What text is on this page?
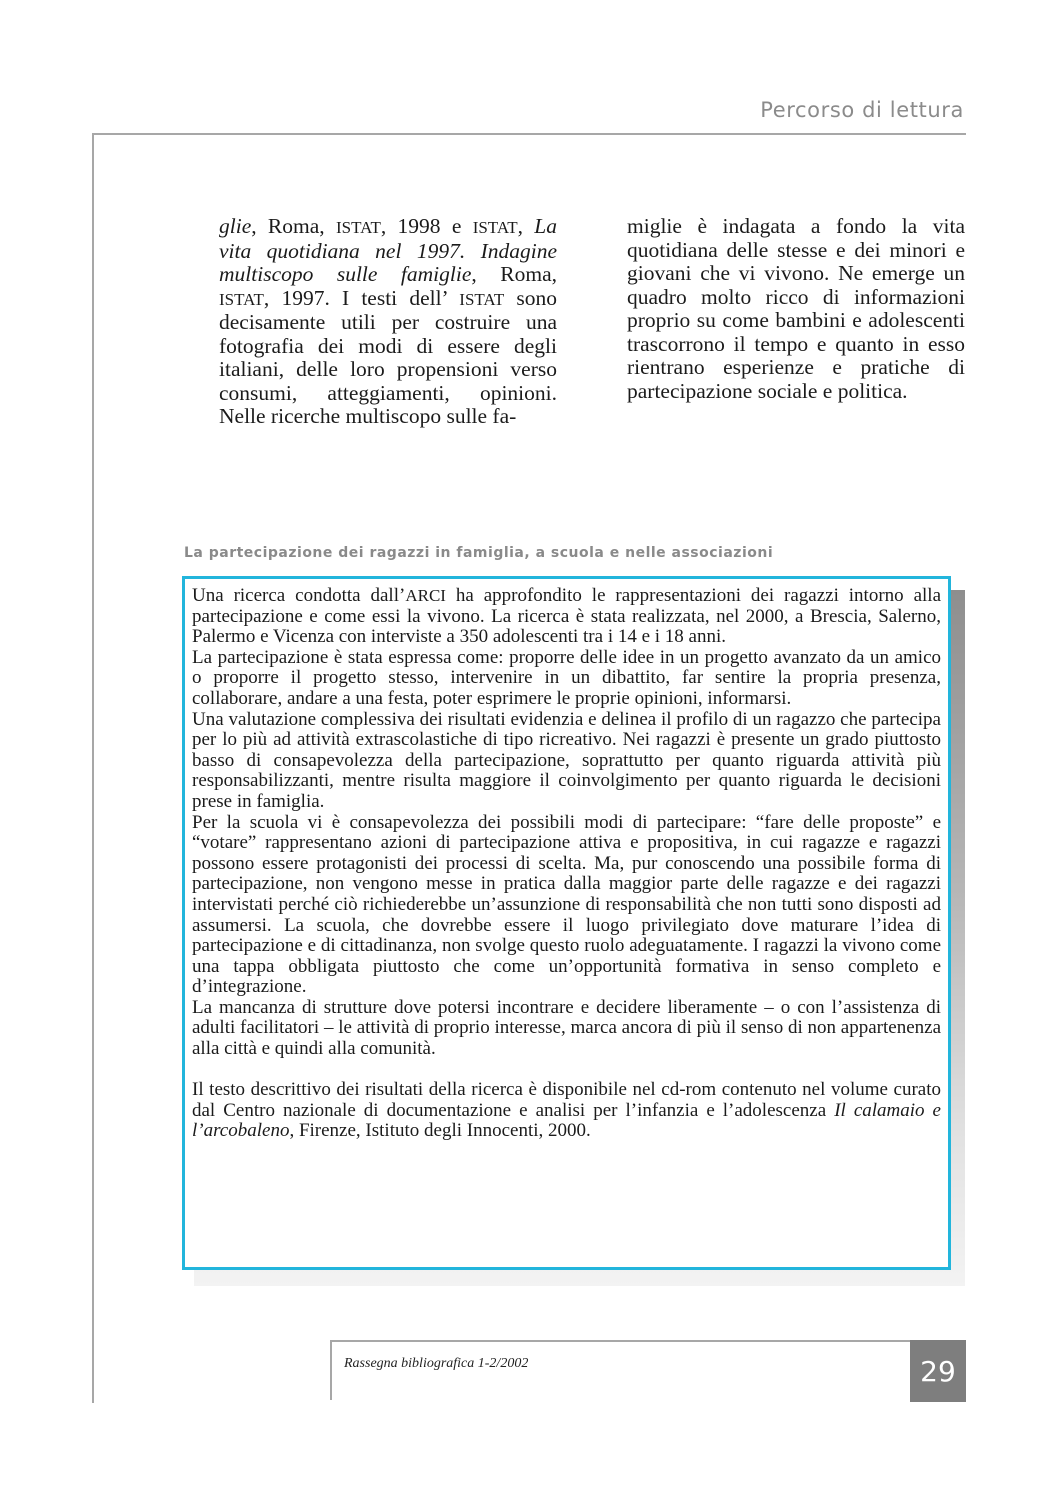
Percorso di lettura
glie, Roma, ISTAT, 1998 e ISTAT, La vita quotidiana nel 1997. Indagine multiscopo sulle famiglie, Roma, ISTAT, 1997. I testi dell’ ISTAT sono decisamente utili per costruire una fotografia dei modi di essere degli italiani, delle loro propensioni verso consumi, atteggiamenti, opinioni. Nelle ricerche multiscopo sulle fa-
miglie è indagata a fondo la vita quotidiana delle stesse e dei minori e giovani che vi vivono. Ne emerge un quadro molto ricco di informazioni proprio su come bambini e adolescenti trascorrono il tempo e quanto in esso rientrano esperienze e pratiche di partecipazione sociale e politica.
La partecipazione dei ragazzi in famiglia, a scuola e nelle associazioni

Una ricerca condotta dall’ARCI ha approfondito le rappresentazioni dei ragazzi intorno alla partecipazione e come essi la vivono. La ricerca è stata realizzata, nel 2000, a Brescia, Salerno, Palermo e Vicenza con interviste a 350 adolescenti tra i 14 e i 18 anni.

La partecipazione è stata espressa come: proporre delle idee in un progetto avanzato da un amico o proporre il progetto stesso, intervenire in un dibattito, far sentire la propria presenza, collaborare, andare a una festa, poter esprimere le proprie opinioni, informarsi.

Una valutazione complessiva dei risultati evidenzia e delinea il profilo di un ragazzo che partecipa per lo più ad attività extrascolastiche di tipo ricreativo. Nei ragazzi è presente un grado piuttosto basso di consapevolezza della partecipazione, soprattutto per quanto riguarda attività più responsabilizzanti, mentre risulta maggiore il coinvolgimento per quanto riguarda le decisioni prese in famiglia.

Per la scuola vi è consapevolezza dei possibili modi di partecipare: “fare delle proposte” e “votare” rappresentano azioni di partecipazione attiva e propositiva, in cui ragazze e ragazzi possono essere protagonisti dei processi di scelta. Ma, pur conoscendo una possibile forma di partecipazione, non vengono messe in pratica dalla maggior parte delle ragazze e dei ragazzi intervistati perché ciò richiederebbe un’assunzione di responsabilità che non tutti sono disposti ad assumersi. La scuola, che dovrebbe essere il luogo privilegiato dove maturare l’idea di partecipazione e di cittadinanza, non svolge questo ruolo adeguatamente. I ragazzi la vivono come una tappa obbligata piuttosto che come un’opportunità formativa in senso completo e d’integrazione.

La mancanza di strutture dove potersi incontrare e decidere liberamente – o con l’assistenza di adulti facilitatori – le attività di proprio interesse, marca ancora di più il senso di non appartenenza alla città e quindi alla comunità.

Il testo descrittivo dei risultati della ricerca è disponibile nel cd-rom contenuto nel volume curato dal Centro nazionale di documentazione e analisi per l’infanzia e l’adolescenza Il calamaio e l’arcobaleno, Firenze, Istituto degli Innocenti, 2000.

Rassegna bibliografica 1-2/2002	29
